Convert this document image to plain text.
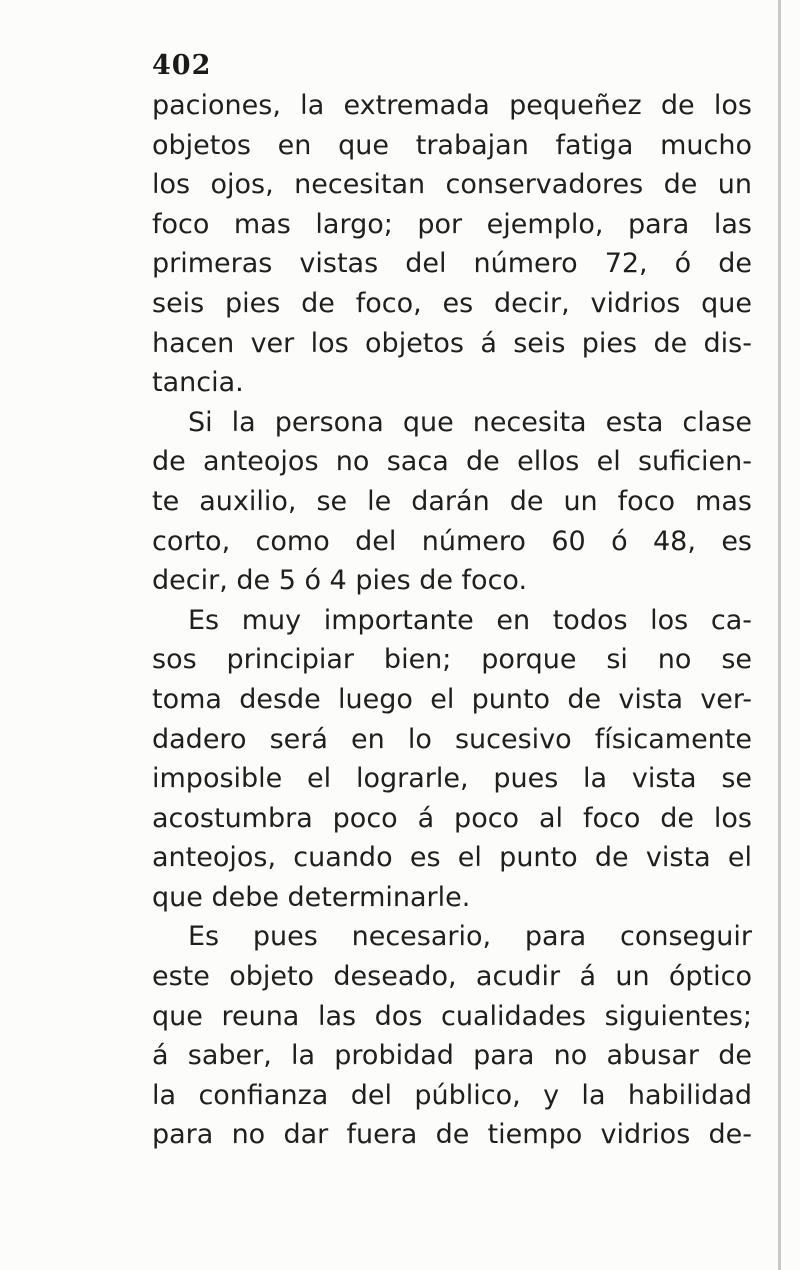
402
paciones, la extremada pequeñez de los
objetos en que trabajan fatiga mucho
los ojos, necesitan conservadores de un
foco mas largo; por ejemplo, para las
primeras vistas del número 72, ó de
seis pies de foco, es decir, vidrios que
hacen ver los objetos á seis pies de dis-
tancia.
Si la persona que necesita esta clase
de anteojos no saca de ellos el suficien-
te auxilio, se le darán de un foco mas
corto, como del número 60 ó 48, es
decir, de 5 ó 4 pies de foco.
Es muy importante en todos los ca-
sos principiar bien; porque si no se
toma desde luego el punto de vista ver-
dadero será en lo sucesivo físicamente
imposible el lograrle, pues la vista se
acostumbra poco á poco al foco de los
anteojos, cuando es el punto de vista el
que debe determinarle.
Es pues necesario, para conseguir
este objeto deseado, acudir á un óptico
que reuna las dos cualidades siguientes;
á saber, la probidad para no abusar de
la confianza del público, y la habilidad
para no dar fuera de tiempo vidrios de-
